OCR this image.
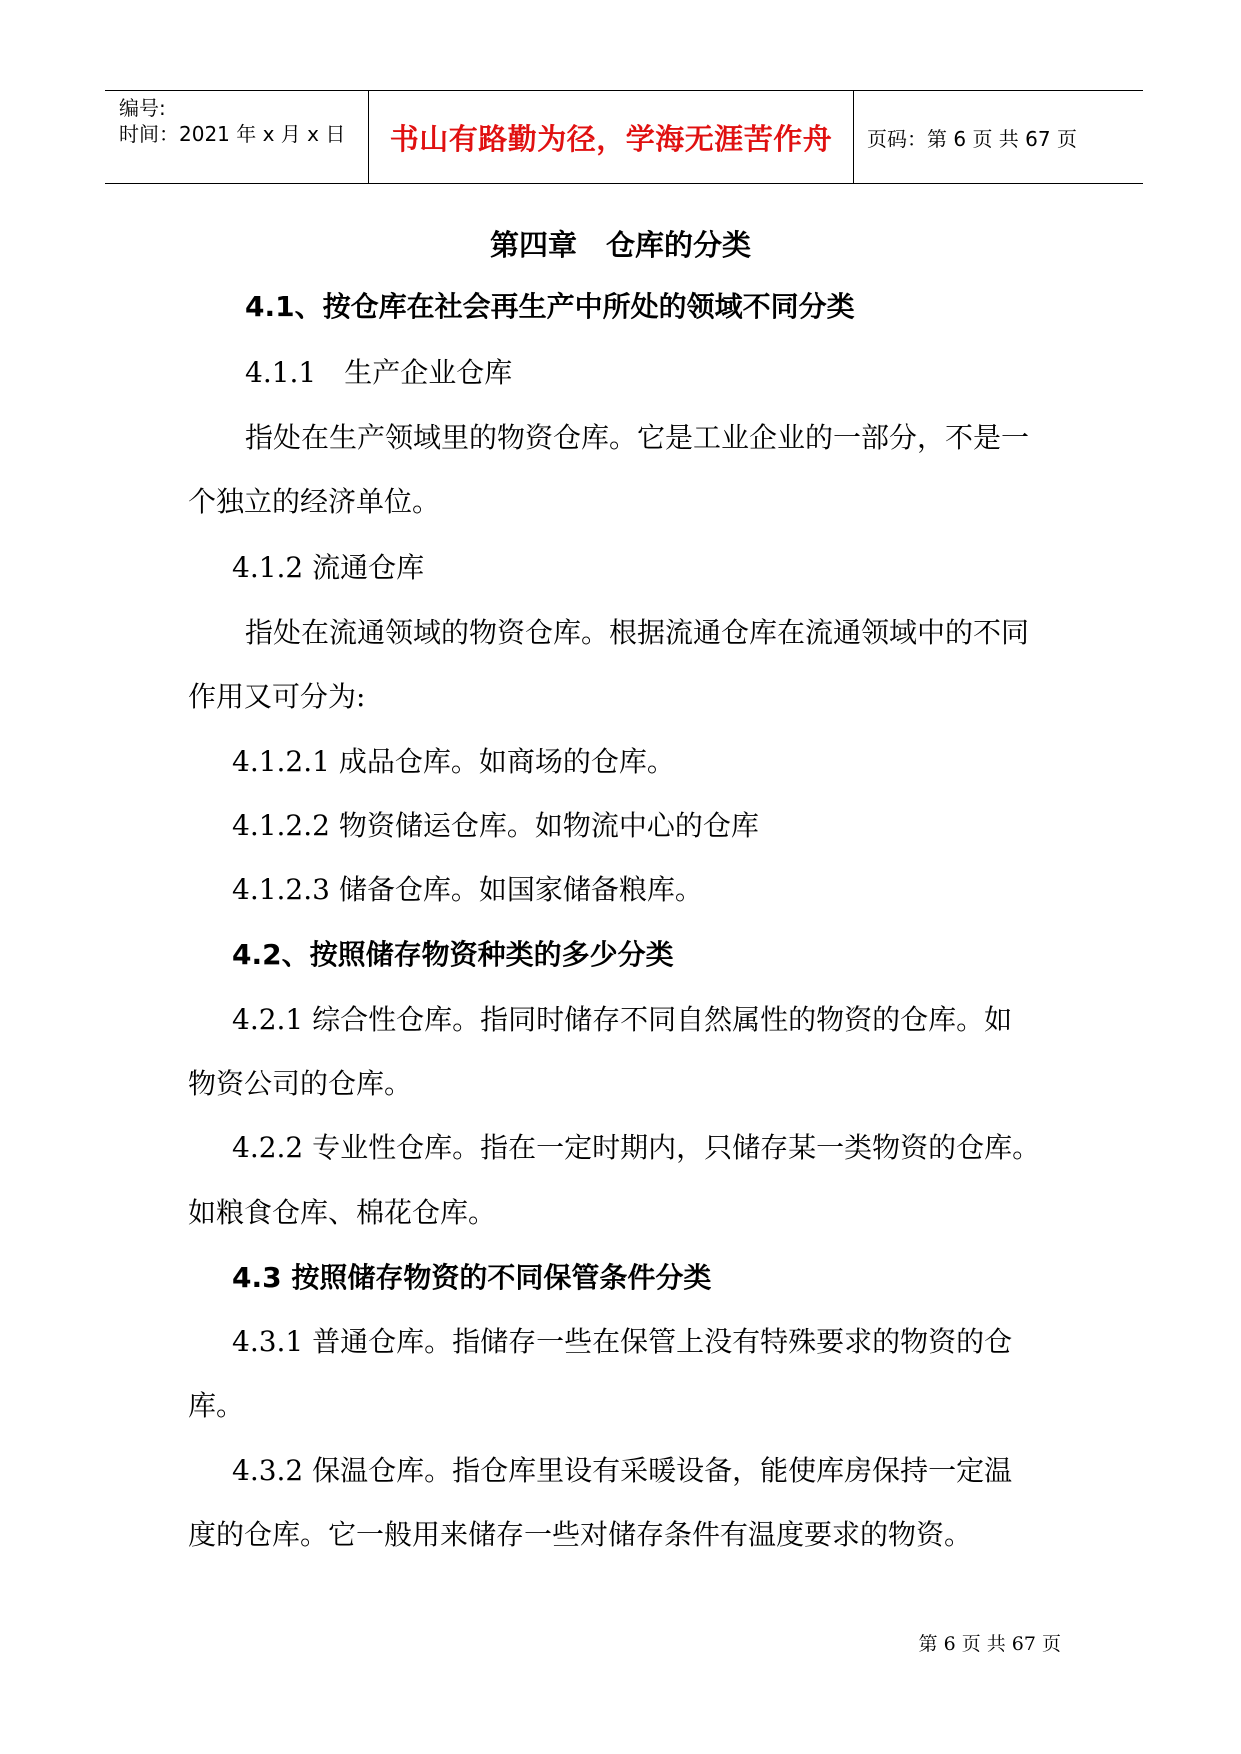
编号:
时间：2021 年 x 月 x 日 书山有路勤为径，学海无涯苦作舟 页码：第 6 页 共 67 页
第四章　仓库的分类
4.1、按仓库在社会再生产中所处的领域不同分类
4.1.1　生产企业仓库
指处在生产领域里的物资仓库。它是工业企业的一部分，不是一
个独立的经济单位。
4.1.2 流通仓库
指处在流通领域的物资仓库。根据流通仓库在流通领域中的不同
作用又可分为:
4.1.2.1 成品仓库。如商场的仓库。
4.1.2.2 物资储运仓库。如物流中心的仓库
4.1.2.3 储备仓库。如国家储备粮库。
4.2、按照储存物资种类的多少分类
4.2.1 综合性仓库。指同时储存不同自然属性的物资的仓库。如
物资公司的仓库。
4.2.2 专业性仓库。指在一定时期内，只储存某一类物资的仓库。
如粮食仓库、棉花仓库。
4.3 按照储存物资的不同保管条件分类
4.3.1 普通仓库。指储存一些在保管上没有特殊要求的物资的仓
库。
4.3.2 保温仓库。指仓库里设有采暖设备，能使库房保持一定温
度的仓库。它一般用来储存一些对储存条件有温度要求的物资。
第 6 页 共 67 页
